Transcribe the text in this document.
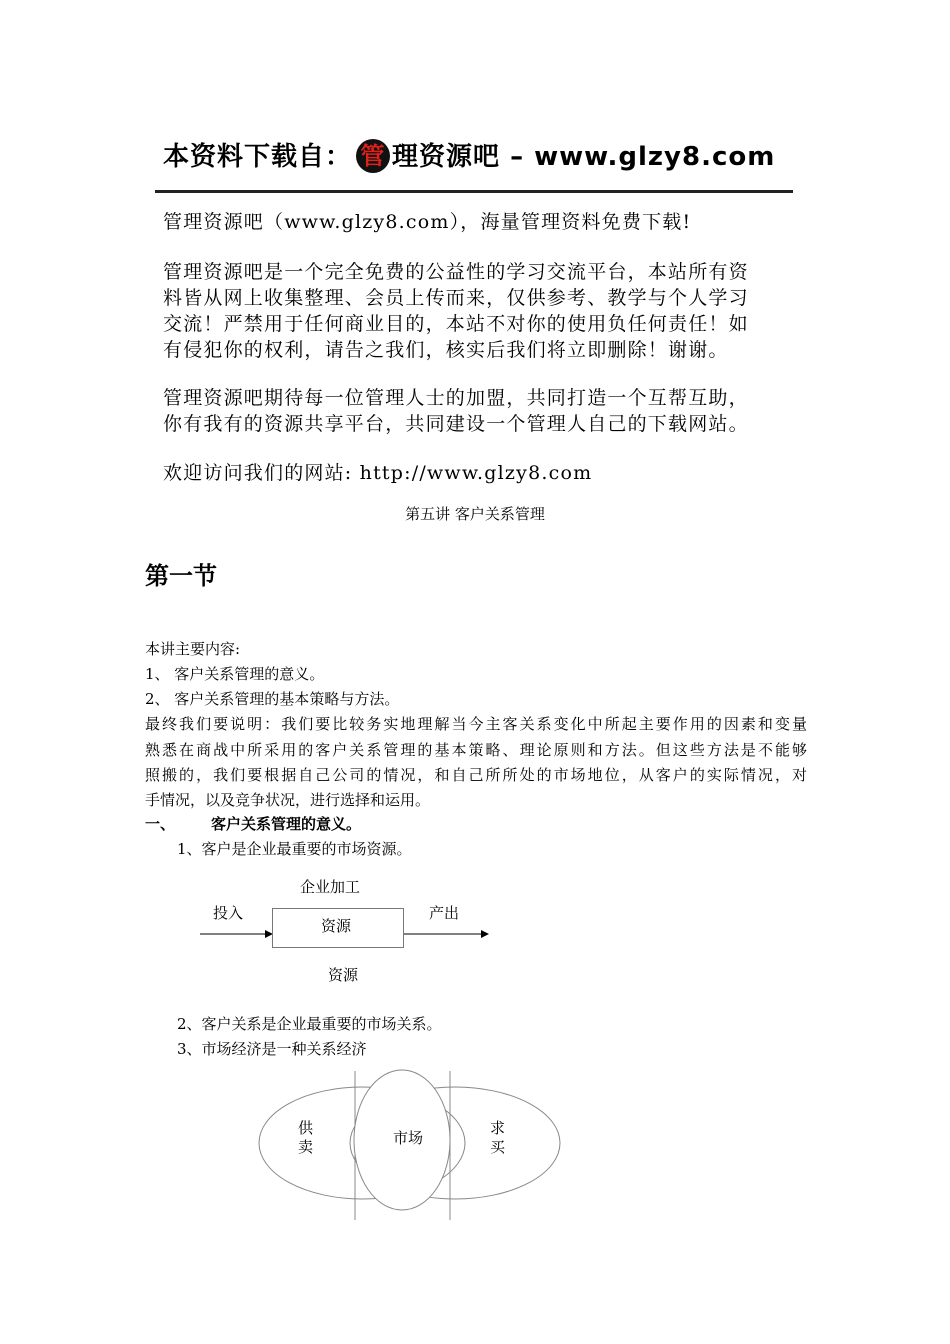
本资料下载自： 管 理资源吧 – www.glzy8.com
管理资源吧（www.glzy8.com），海量管理资料免费下载!
管理资源吧是一个完全免费的公益性的学习交流平台，本站所有资
料皆从网上收集整理、会员上传而来，仅供参考、教学与个人学习
交流！严禁用于任何商业目的，本站不对你的使用负任何责任！如
有侵犯你的权利，请告之我们，核实后我们将立即删除！谢谢。
管理资源吧期待每一位管理人士的加盟，共同打造一个互帮互助，
你有我有的资源共享平台，共同建设一个管理人自己的下载网站。
欢迎访问我们的网站: http://www.glzy8.com
第五讲 客户关系管理
第一节
本讲主要内容:
1、 客户关系管理的意义。
2、 客户关系管理的基本策略与方法。
最终我们要说明：我们要比较务实地理解当今主客关系变化中所起主要作用的因素和变量
熟悉在商战中所采用的客户关系管理的基本策略、理论原则和方法。但这些方法是不能够
照搬的，我们要根据自己公司的情况，和自己所所处的市场地位，从客户的实际情况，对
手情况，以及竞争状况，进行选择和运用。
一、 客户关系管理的意义。
1、客户是企业最重要的市场资源。
企业加工
投入	产出
资源
资源
2、客户关系是企业最重要的市场关系。
3、市场经济是一种关系经济
供
卖	市场
求
买
